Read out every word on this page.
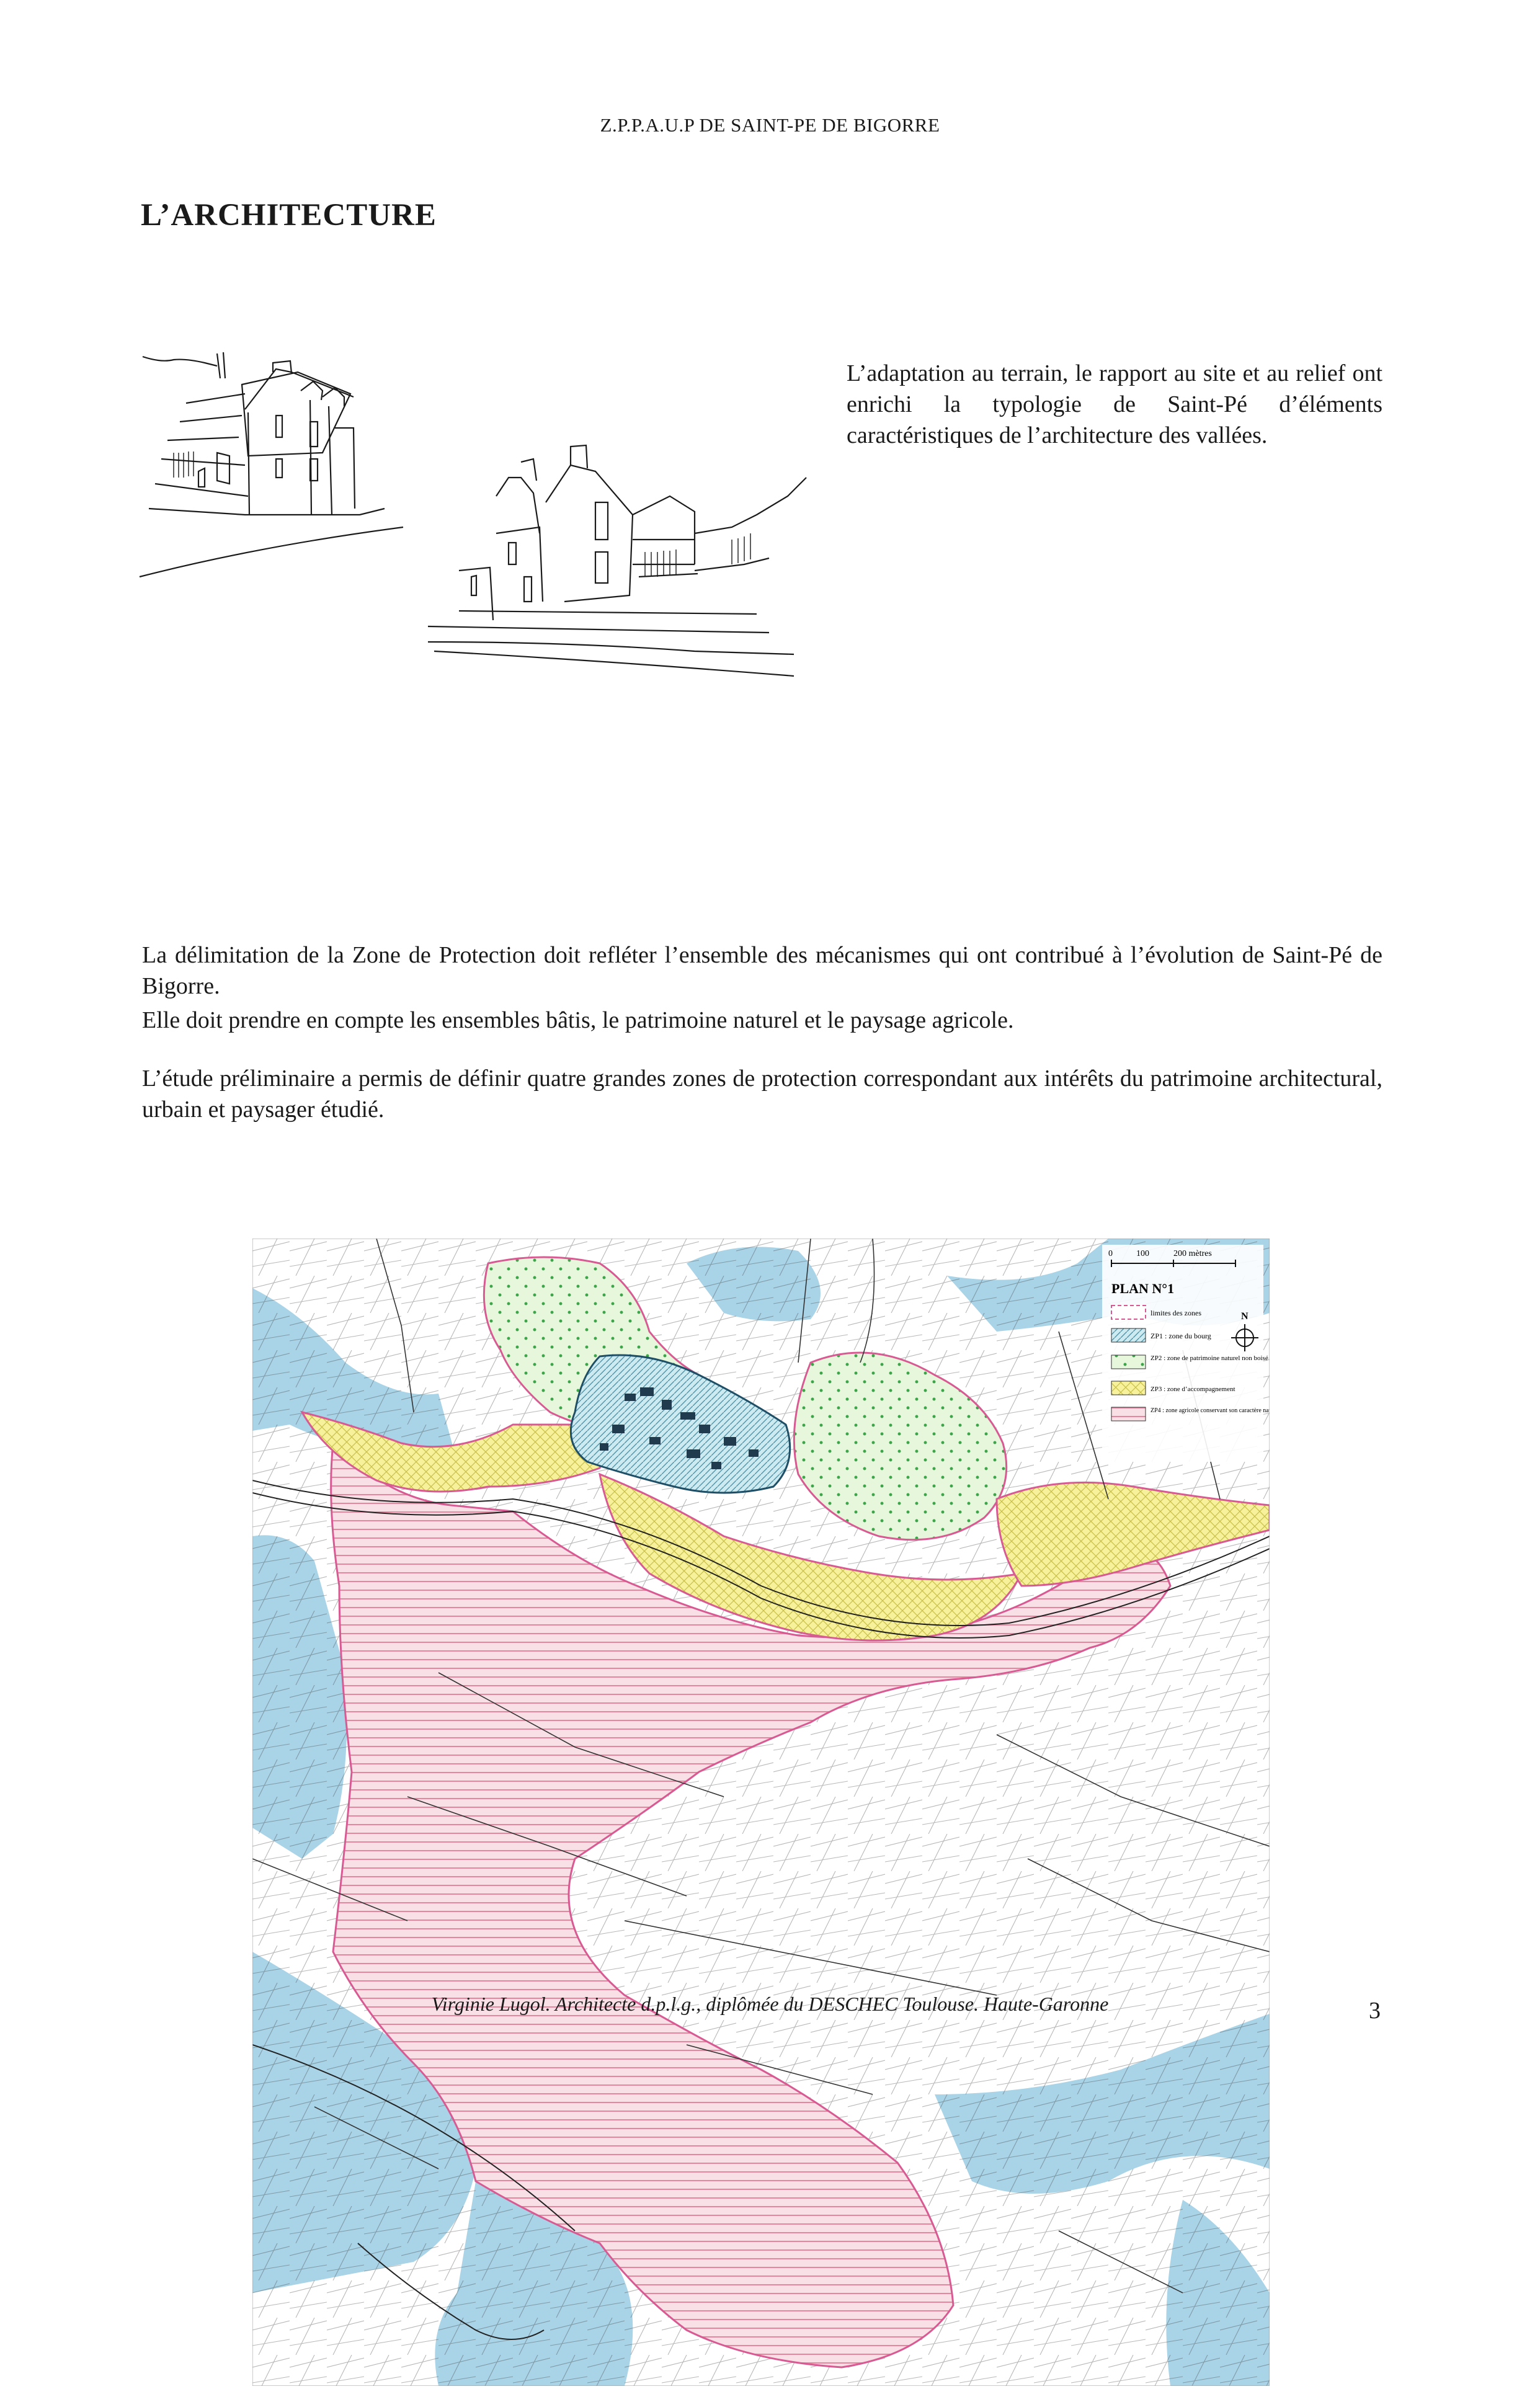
Z.P.P.A.U.P DE SAINT-PE DE BIGORRE
L’ARCHITECTURE
L’adaptation au terrain, le rapport au site et au relief ont enrichi la typologie de Saint-Pé d’éléments caractéristiques de l’architecture des vallées.
La délimitation de la Zone de Protection doit refléter l’ensemble des mécanismes qui ont contribué à l’évolution de Saint-Pé de Bigorre.
Elle doit prendre en compte les ensembles bâtis, le patrimoine naturel et le paysage agricole.
L’étude préliminaire a permis de définir quatre grandes zones de protection correspondant aux intérêts du patrimoine architectural, urbain et paysager étudié.
0	100	200 mètres
PLAN N°1
N
limites des zones
ZP1 : zone du bourg
ZP2 : zone de patrimoine naturel non boisé
ZP3 : zone d’accompagnement
ZP4 : zone agricole conservant son caractère naturel
Virginie Lugol. Architecte d.p.l.g., diplômée du DESCHEC Toulouse. Haute-Garonne	3
